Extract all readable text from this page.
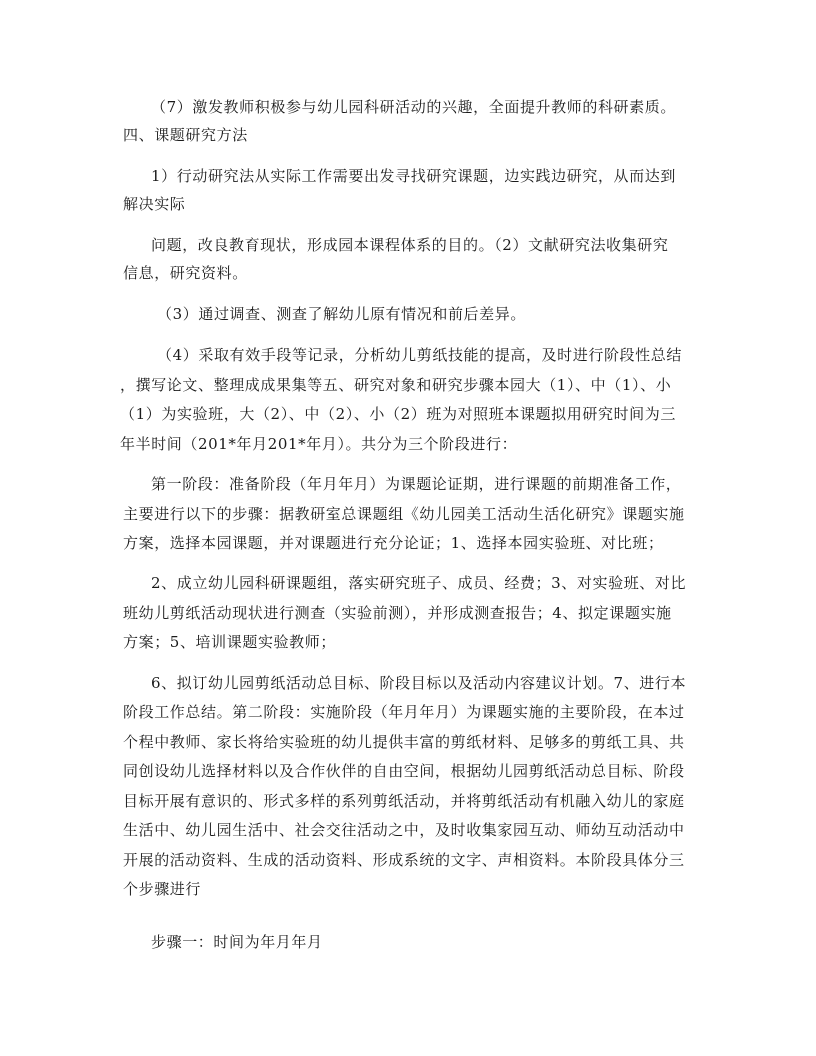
（7）激发教师积极参与幼儿园科研活动的兴趣，全面提升教师的科研素质。
四、课题研究方法
1）行动研究法从实际工作需要出发寻找研究课题，边实践边研究，从而达到
解决实际
问题，改良教育现状，形成园本课程体系的目的。（2）文献研究法收集研究
信息，研究资料。
（3）通过调查、测查了解幼儿原有情况和前后差异。
（4）采取有效手段等记录，分析幼儿剪纸技能的提高，及时进行阶段性总结
，撰写论文、整理成成果集等五、研究对象和研究步骤本园大（1）、中（1）、小
（1）为实验班，大（2）、中（2）、小（2）班为对照班本课题拟用研究时间为三
年半时间（201*年月201*年月）。共分为三个阶段进行：
第一阶段：准备阶段（年月年月）为课题论证期，进行课题的前期准备工作，
主要进行以下的步骤：据教研室总课题组《幼儿园美工活动生活化研究》课题实施
方案，选择本园课题，并对课题进行充分论证；1、选择本园实验班、对比班；
2、成立幼儿园科研课题组，落实研究班子、成员、经费；3、对实验班、对比
班幼儿剪纸活动现状进行测查（实验前测），并形成测查报告；4、拟定课题实施
方案；5、培训课题实验教师；
6、拟订幼儿园剪纸活动总目标、阶段目标以及活动内容建议计划。7、进行本
阶段工作总结。第二阶段：实施阶段（年月年月）为课题实施的主要阶段，在本过
个程中教师、家长将给实验班的幼儿提供丰富的剪纸材料、足够多的剪纸工具、共
同创设幼儿选择材料以及合作伙伴的自由空间，根据幼儿园剪纸活动总目标、阶段
目标开展有意识的、形式多样的系列剪纸活动，并将剪纸活动有机融入幼儿的家庭
生活中、幼儿园生活中、社会交往活动之中，及时收集家园互动、师幼互动活动中
开展的活动资料、生成的活动资料、形成系统的文字、声相资料。本阶段具体分三
个步骤进行
步骤一：时间为年月年月
